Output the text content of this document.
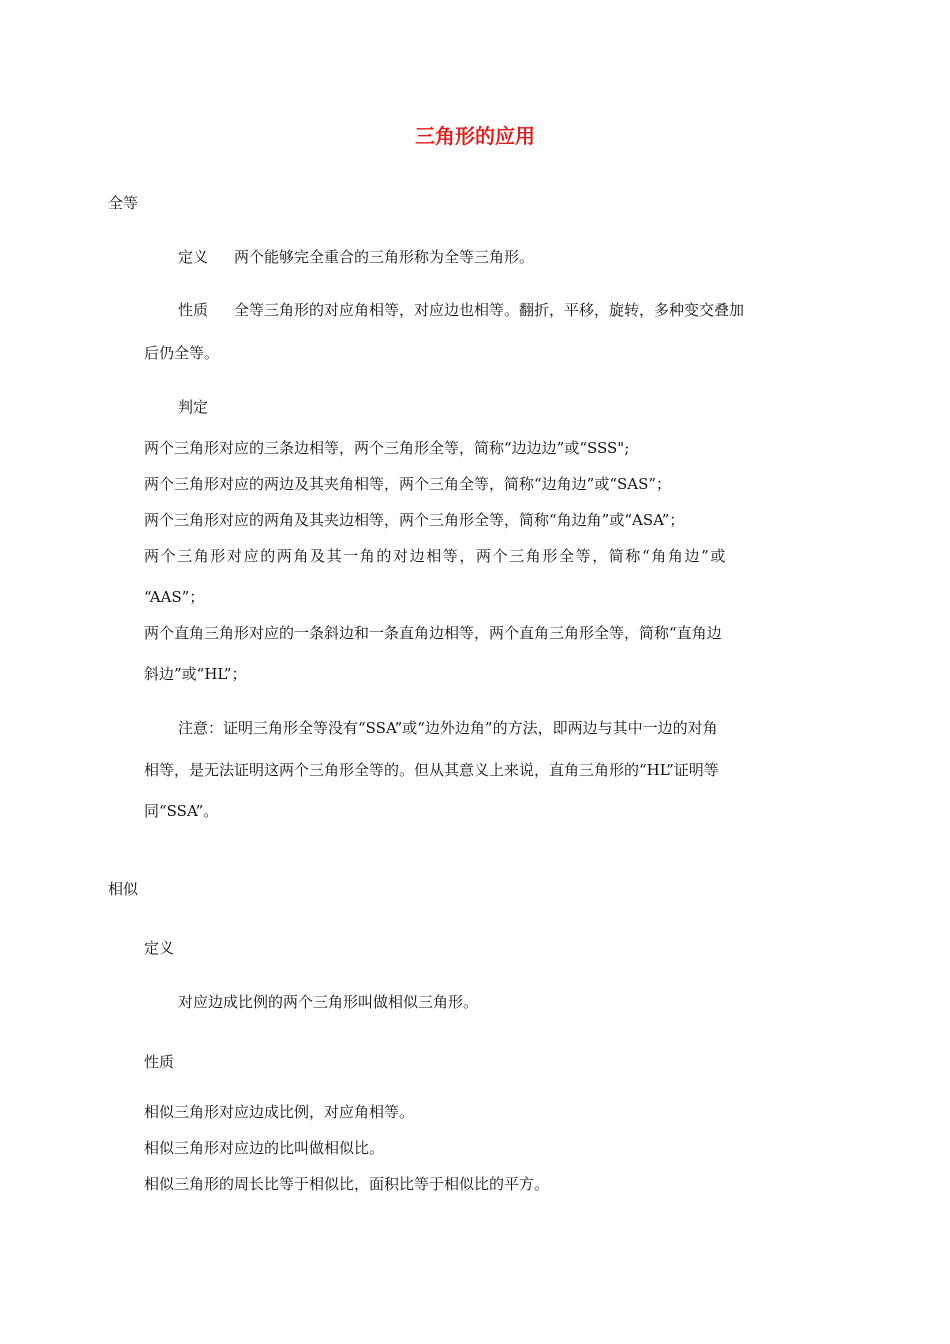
三角形的应用

全等

定义 两个能够完全重合的三角形称为全等三角形。

性质 全等三角形的对应角相等，对应边也相等。翻折，平移，旋转，多种变交叠加

后仍全等。

判定

两个三角形对应的三条边相等，两个三角形全等，简称“边边边”或“SSS";

两个三角形对应的两边及其夹角相等，两个三角全等，简称“边角边”或“SAS”；

两个三角形对应的两角及其夹边相等，两个三角形全等，简称“角边角”或“ASA”；

两个三角形对应的两角及其一角的对边相等，两个三角形全等，简称“角角边”或

“AAS”；

两个直角三角形对应的一条斜边和一条直角边相等，两个直角三角形全等，简称“直角边

斜边”或“HL”；

注意：证明三角形全等没有“SSA”或“边外边角”的方法，即两边与其中一边的对角

相等，是无法证明这两个三角形全等的。但从其意义上来说，直角三角形的“HL”证明等

同“SSA”。

相似

定义

对应边成比例的两个三角形叫做相似三角形。

性质

相似三角形对应边成比例，对应角相等。

相似三角形对应边的比叫做相似比。

相似三角形的周长比等于相似比，面积比等于相似比的平方。
